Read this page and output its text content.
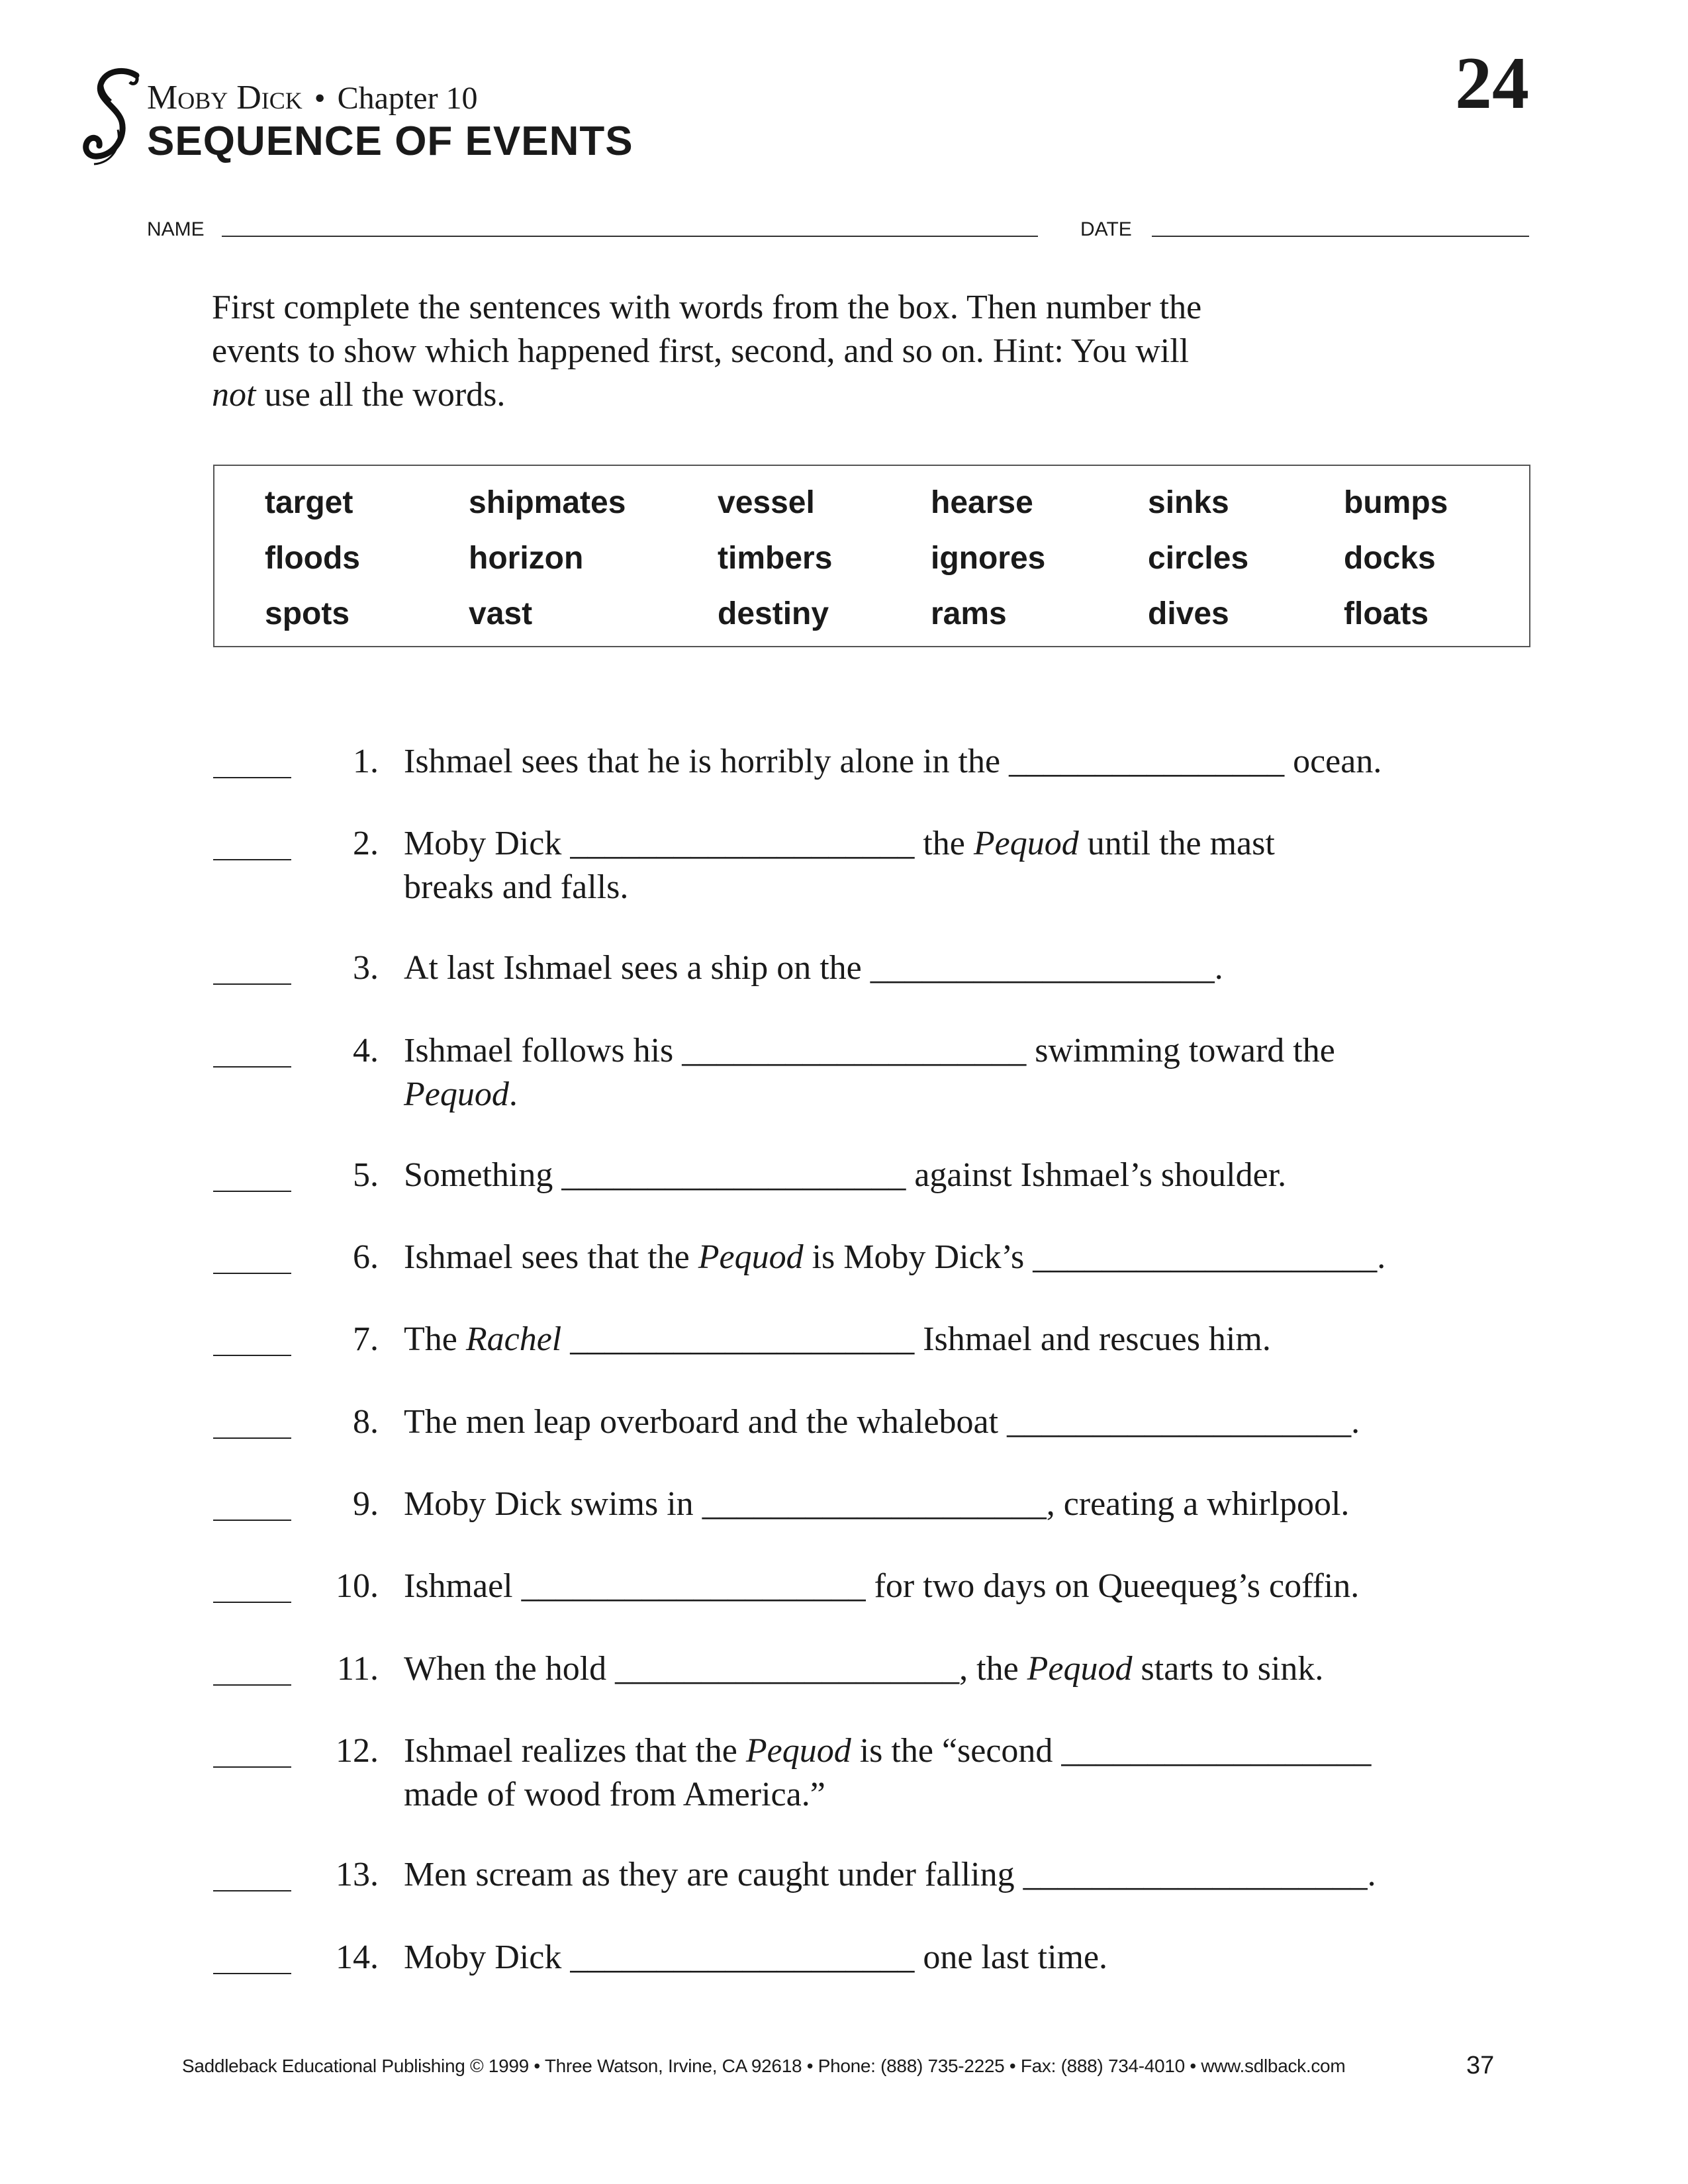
Moby Dick • Chapter 10
SEQUENCE OF EVENTS
24
NAME	DATE

First complete the sentences with words from the box. Then number the

events to show which happened first, second, and so on. Hint: You will

not use all the words.

target	shipmates	vessel	hearse	sinks	bumps
floods	horizon	timbers	ignores	circles	docks
spots	vast	destiny	rams	dives	floats
1. Ishmael sees that he is horribly alone in the ________________ ocean.
2. Moby Dick ____________________ the Pequod until the mast
breaks and falls.
3. At last Ishmael sees a ship on the ____________________.
4. Ishmael follows his ____________________ swimming toward the
Pequod.
5. Something ____________________ against Ishmael’s shoulder.
6. Ishmael sees that the Pequod is Moby Dick’s ____________________.
7. The Rachel ____________________ Ishmael and rescues him.
8. The men leap overboard and the whaleboat ____________________.
9. Moby Dick swims in ____________________, creating a whirlpool.
10. Ishmael ____________________ for two days on Queequeg’s coffin.
11. When the hold ____________________, the Pequod starts to sink.
12. Ishmael realizes that the Pequod is the “second __________________
made of wood from America.”
13. Men scream as they are caught under falling ____________________.
14. Moby Dick ____________________ one last time.
Saddleback Educational Publishing © 1999 • Three Watson, Irvine, CA 92618 • Phone: (888) 735-2225 • Fax: (888) 734-4010 • www.sdlback.com	37
